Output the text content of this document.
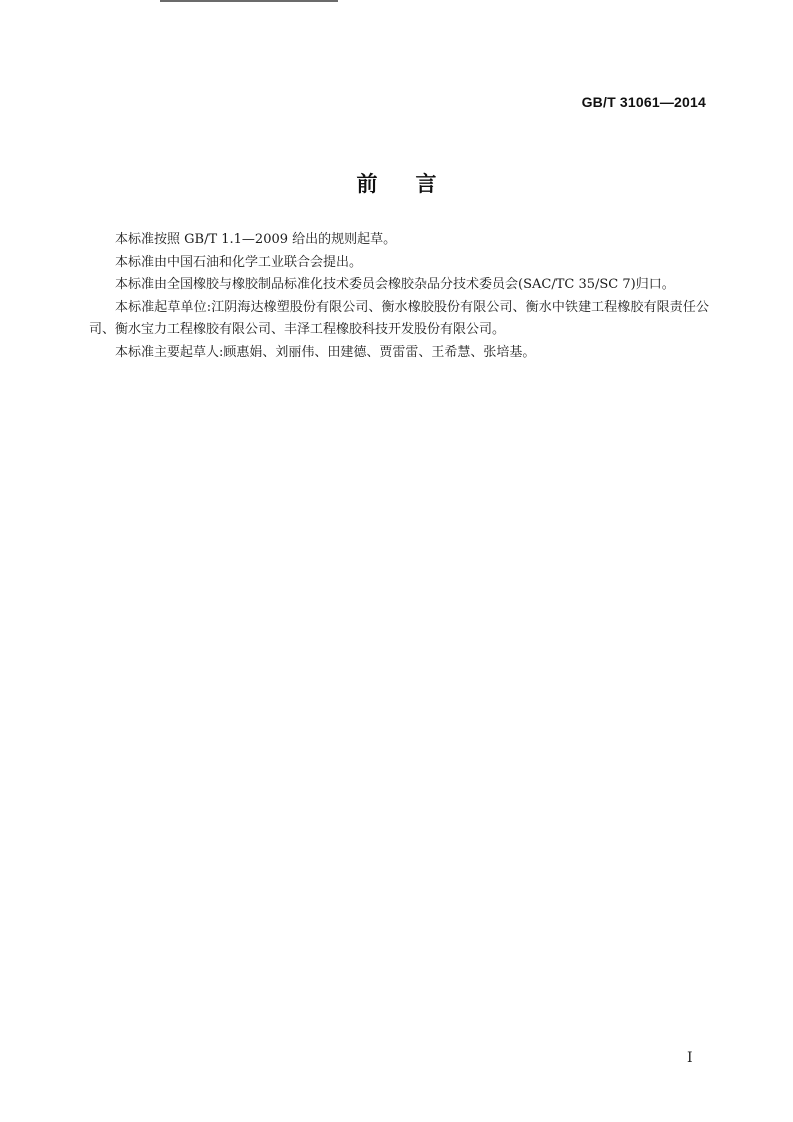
GB/T 31061—2014
前言

本标准按照 GB/T 1.1—2009 给出的规则起草。

本标准由中国石油和化学工业联合会提出。

本标准由全国橡胶与橡胶制品标准化技术委员会橡胶杂品分技术委员会(SAC/TC 35/SC 7)归口。

本标准起草单位:江阴海达橡塑股份有限公司、衡水橡胶股份有限公司、衡水中铁建工程橡胶有限责任公司、衡水宝力工程橡胶有限公司、丰泽工程橡胶科技开发股份有限公司。

本标准主要起草人:顾惠娟、刘丽伟、田建德、贾雷雷、王希慧、张培基。

I
